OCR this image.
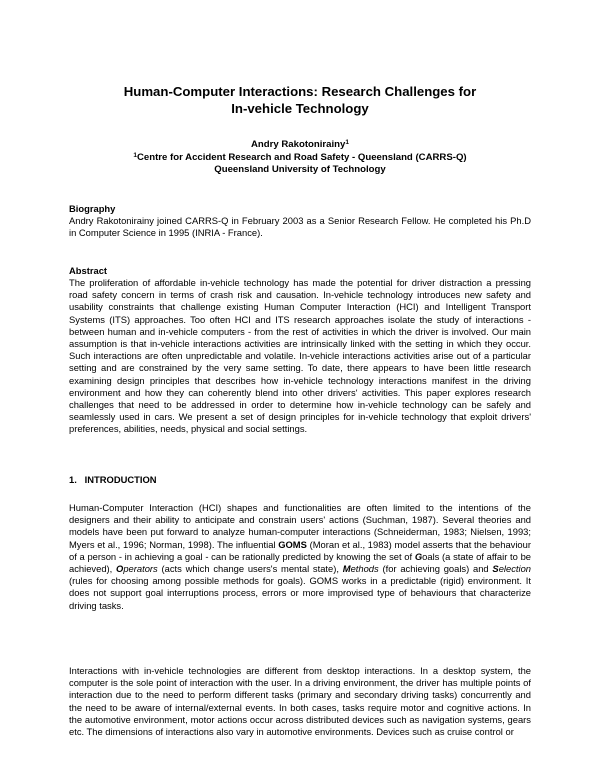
Human-Computer Interactions: Research Challenges for
In-vehicle Technology
Andry Rakotonirainy$^1$
$^1$Centre for Accident Research and Road Safety - Queensland (CARRS-Q)
Queensland University of Technology
Biography

Andry Rakotonirainy joined CARRS-Q in February 2003 as a Senior Research Fellow. He completed his Ph.D in Computer Science in 1995 (INRIA - France).

Abstract

The proliferation of affordable in-vehicle technology has made the potential for driver distraction a pressing road safety concern in terms of crash risk and causation. In-vehicle technology introduces new safety and usability constraints that challenge existing Human Computer Interaction (HCI) and Intelligent Transport Systems (ITS) approaches. Too often HCI and ITS research approaches isolate the study of interactions - between human and in-vehicle computers - from the rest of activities in which the driver is involved. Our main assumption is that in-vehicle interactions activities are intrinsically linked with the setting in which they occur. Such interactions are often unpredictable and volatile. In-vehicle interactions activities arise out of a particular setting and are constrained by the very same setting. To date, there appears to have been little research examining design principles that describes how in-vehicle technology interactions manifest in the driving environment and how they can coherently blend into other drivers' activities. This paper explores research challenges that need to be addressed in order to determine how in-vehicle technology can be safely and seamlessly used in cars. We present a set of design principles for in-vehicle technology that exploit drivers' preferences, abilities, needs, physical and social settings.

1. INTRODUCTION

Human-Computer Interaction (HCI) shapes and functionalities are often limited to the intentions of the designers and their ability to anticipate and constrain users' actions (Suchman, 1987). Several theories and models have been put forward to analyze human-computer interactions (Schneiderman, 1983; Nielsen, 1993; Myers et al., 1996; Norman, 1998). The influential GOMS (Moran et al., 1983) model asserts that the behaviour of a person - in achieving a goal - can be rationally predicted by knowing the set of Goals (a state of affair to be achieved), Operators (acts which change users's mental state), Methods (for achieving goals) and Selection (rules for choosing among possible methods for goals). GOMS works in a predictable (rigid) environment. It does not support goal interruptions process, errors or more improvised type of behaviours that characterize driving tasks.

Interactions with in-vehicle technologies are different from desktop interactions. In a desktop system, the computer is the sole point of interaction with the user. In a driving environment, the driver has multiple points of interaction due to the need to perform different tasks (primary and secondary driving tasks) concurrently and the need to be aware of internal/external events. In both cases, tasks require motor and cognitive actions. In the automotive environment, motor actions occur across distributed devices such as navigation systems, gears etc. The dimensions of interactions also vary in automotive environments. Devices such as cruise control or
